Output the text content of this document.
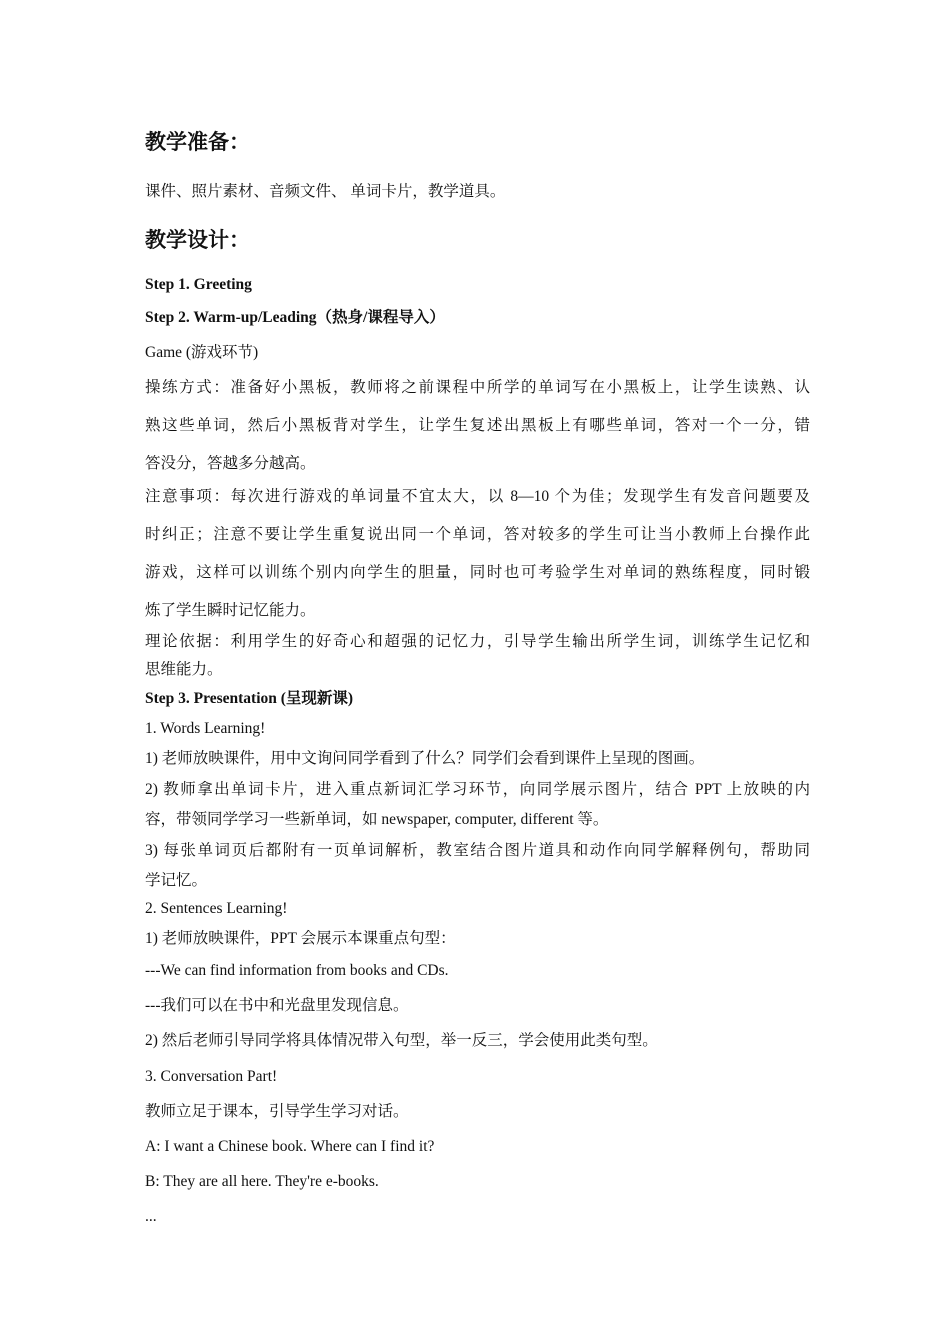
教学准备：
课件、照片素材、音频文件、 单词卡片，教学道具。
教学设计：
Step 1. Greeting
Step 2. Warm-up/Leading（热身/课程导入）
Game (游戏环节)
操练方式：准备好小黑板，教师将之前课程中所学的单词写在小黑板上，让学生读熟、认
熟这些单词，然后小黑板背对学生，让学生复述出黑板上有哪些单词，答对一个一分，错
答没分，答越多分越高。
注意事项：每次进行游戏的单词量不宜太大，以 8—10 个为佳；发现学生有发音问题要及
时纠正；注意不要让学生重复说出同一个单词，答对较多的学生可让当小教师上台操作此
游戏，这样可以训练个别内向学生的胆量，同时也可考验学生对单词的熟练程度，同时锻
炼了学生瞬时记忆能力。
理论依据：利用学生的好奇心和超强的记忆力，引导学生输出所学生词，训练学生记忆和
思维能力。
Step 3. Presentation (呈现新课)
1. Words Learning!
1) 老师放映课件，用中文询问同学看到了什么？同学们会看到课件上呈现的图画。
2) 教师拿出单词卡片，进入重点新词汇学习环节，向同学展示图片，结合 PPT 上放映的内
容，带领同学学习一些新单词，如 newspaper, computer, different 等。
3) 每张单词页后都附有一页单词解析，教室结合图片道具和动作向同学解释例句，帮助同
学记忆。
2. Sentences Learning!
1) 老师放映课件，PPT 会展示本课重点句型：
---We can find information from books and CDs.
---我们可以在书中和光盘里发现信息。
2) 然后老师引导同学将具体情况带入句型，举一反三，学会使用此类句型。
3. Conversation Part!
教师立足于课本，引导学生学习对话。
A: I want a Chinese book. Where can I find it?
B: They are all here. They're e-books.
...
